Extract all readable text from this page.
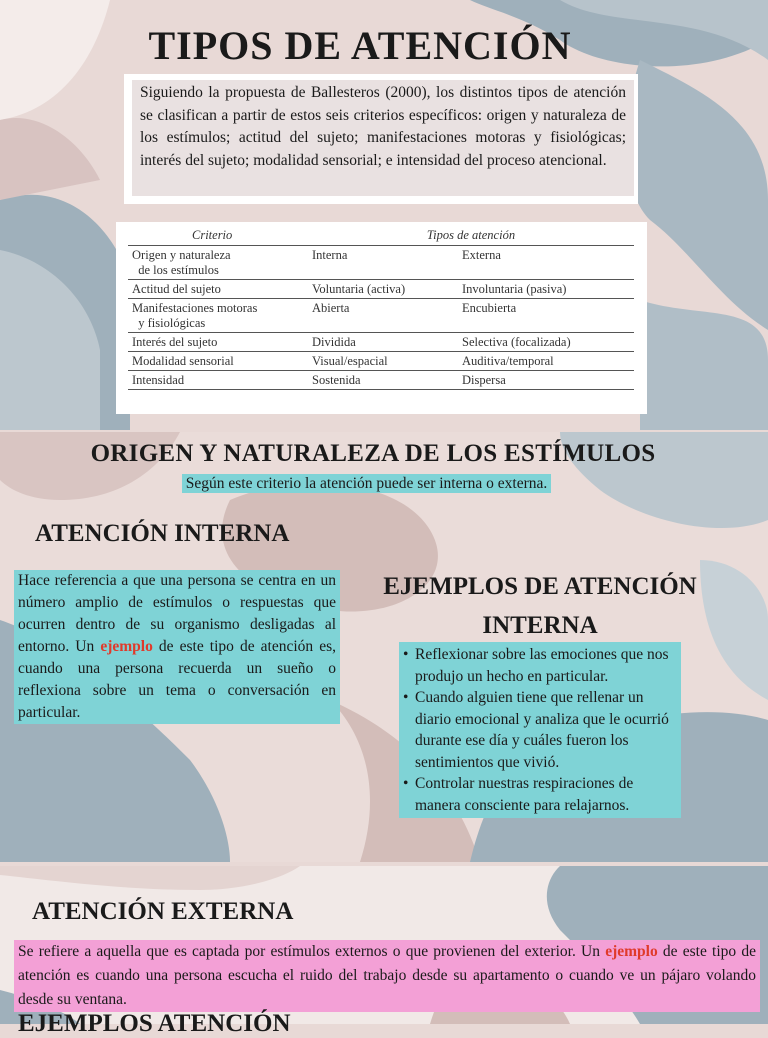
TIPOS DE ATENCIÓN
Siguiendo la propuesta de Ballesteros (2000), los distintos tipos de atención se clasifican a partir de estos seis criterios específicos: origen y naturaleza de los estímulos; actitud del sujeto; manifestaciones motoras y fisiológicas; interés del sujeto; modalidad sensorial; e intensidad del proceso atencional.
Criterio	Tipos de atención	
Origen y naturaleza
de los estímulos	Interna	Externa
Actitud del sujeto	Voluntaria (activa)	Involuntaria (pasiva)
Manifestaciones motoras
y fisiológicas	Abierta	Encubierta
Interés del sujeto	Dividida	Selectiva (focalizada)
Modalidad sensorial	Visual/espacial	Auditiva/temporal
Intensidad	Sostenida	Dispersa
ORIGEN Y NATURALEZA DE LOS ESTÍMULOS
Según este criterio la atención puede ser interna o externa.
ATENCIÓN INTERNA
Hace referencia a que una persona se centra en un número amplio de estímulos o respuestas que ocurren dentro de su organismo desligadas al entorno. Un ejemplo de este tipo de atención es, cuando una persona recuerda un sueño o reflexiona sobre un tema o conversación en particular.
EJEMPLOS DE ATENCIÓN
INTERNA
• Reflexionar sobre las emociones que nos produjo un hecho en particular.
• Cuando alguien tiene que rellenar un diario emocional y analiza que le ocurrió durante ese día y cuáles fueron los sentimientos que vivió.
• Controlar nuestras respiraciones de manera consciente para relajarnos.
ATENCIÓN EXTERNA
Se refiere a aquella que es captada por estímulos externos o que provienen del exterior. Un ejemplo de este tipo de atención es cuando una persona escucha el ruido del trabajo desde su apartamento o cuando ve un pájaro volando desde su ventana.
EJEMPLOS ATENCIÓN
